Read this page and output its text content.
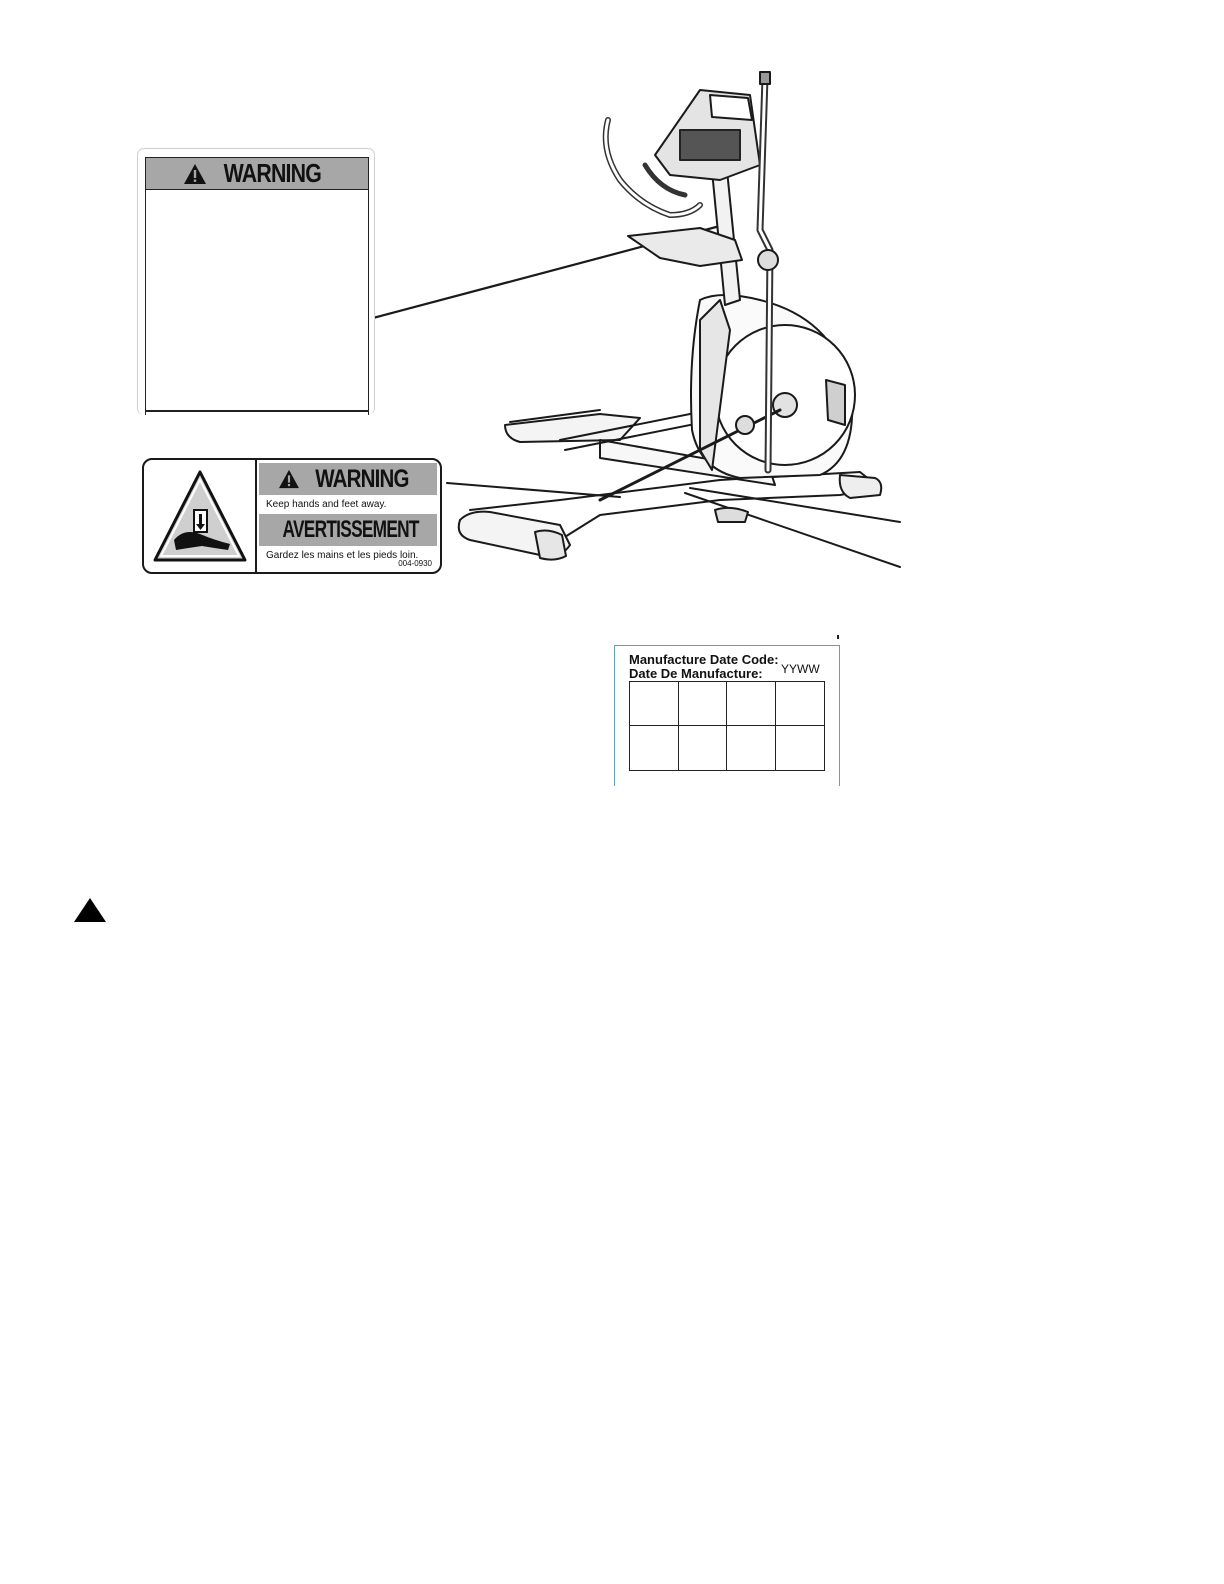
WARNING
WARNING
Keep hands and feet away.
AVERTISSEMENT
Gardez les mains et les pieds loin.
004-0930
Manufacture Date Code:
Date De Manufacture: YYWW
